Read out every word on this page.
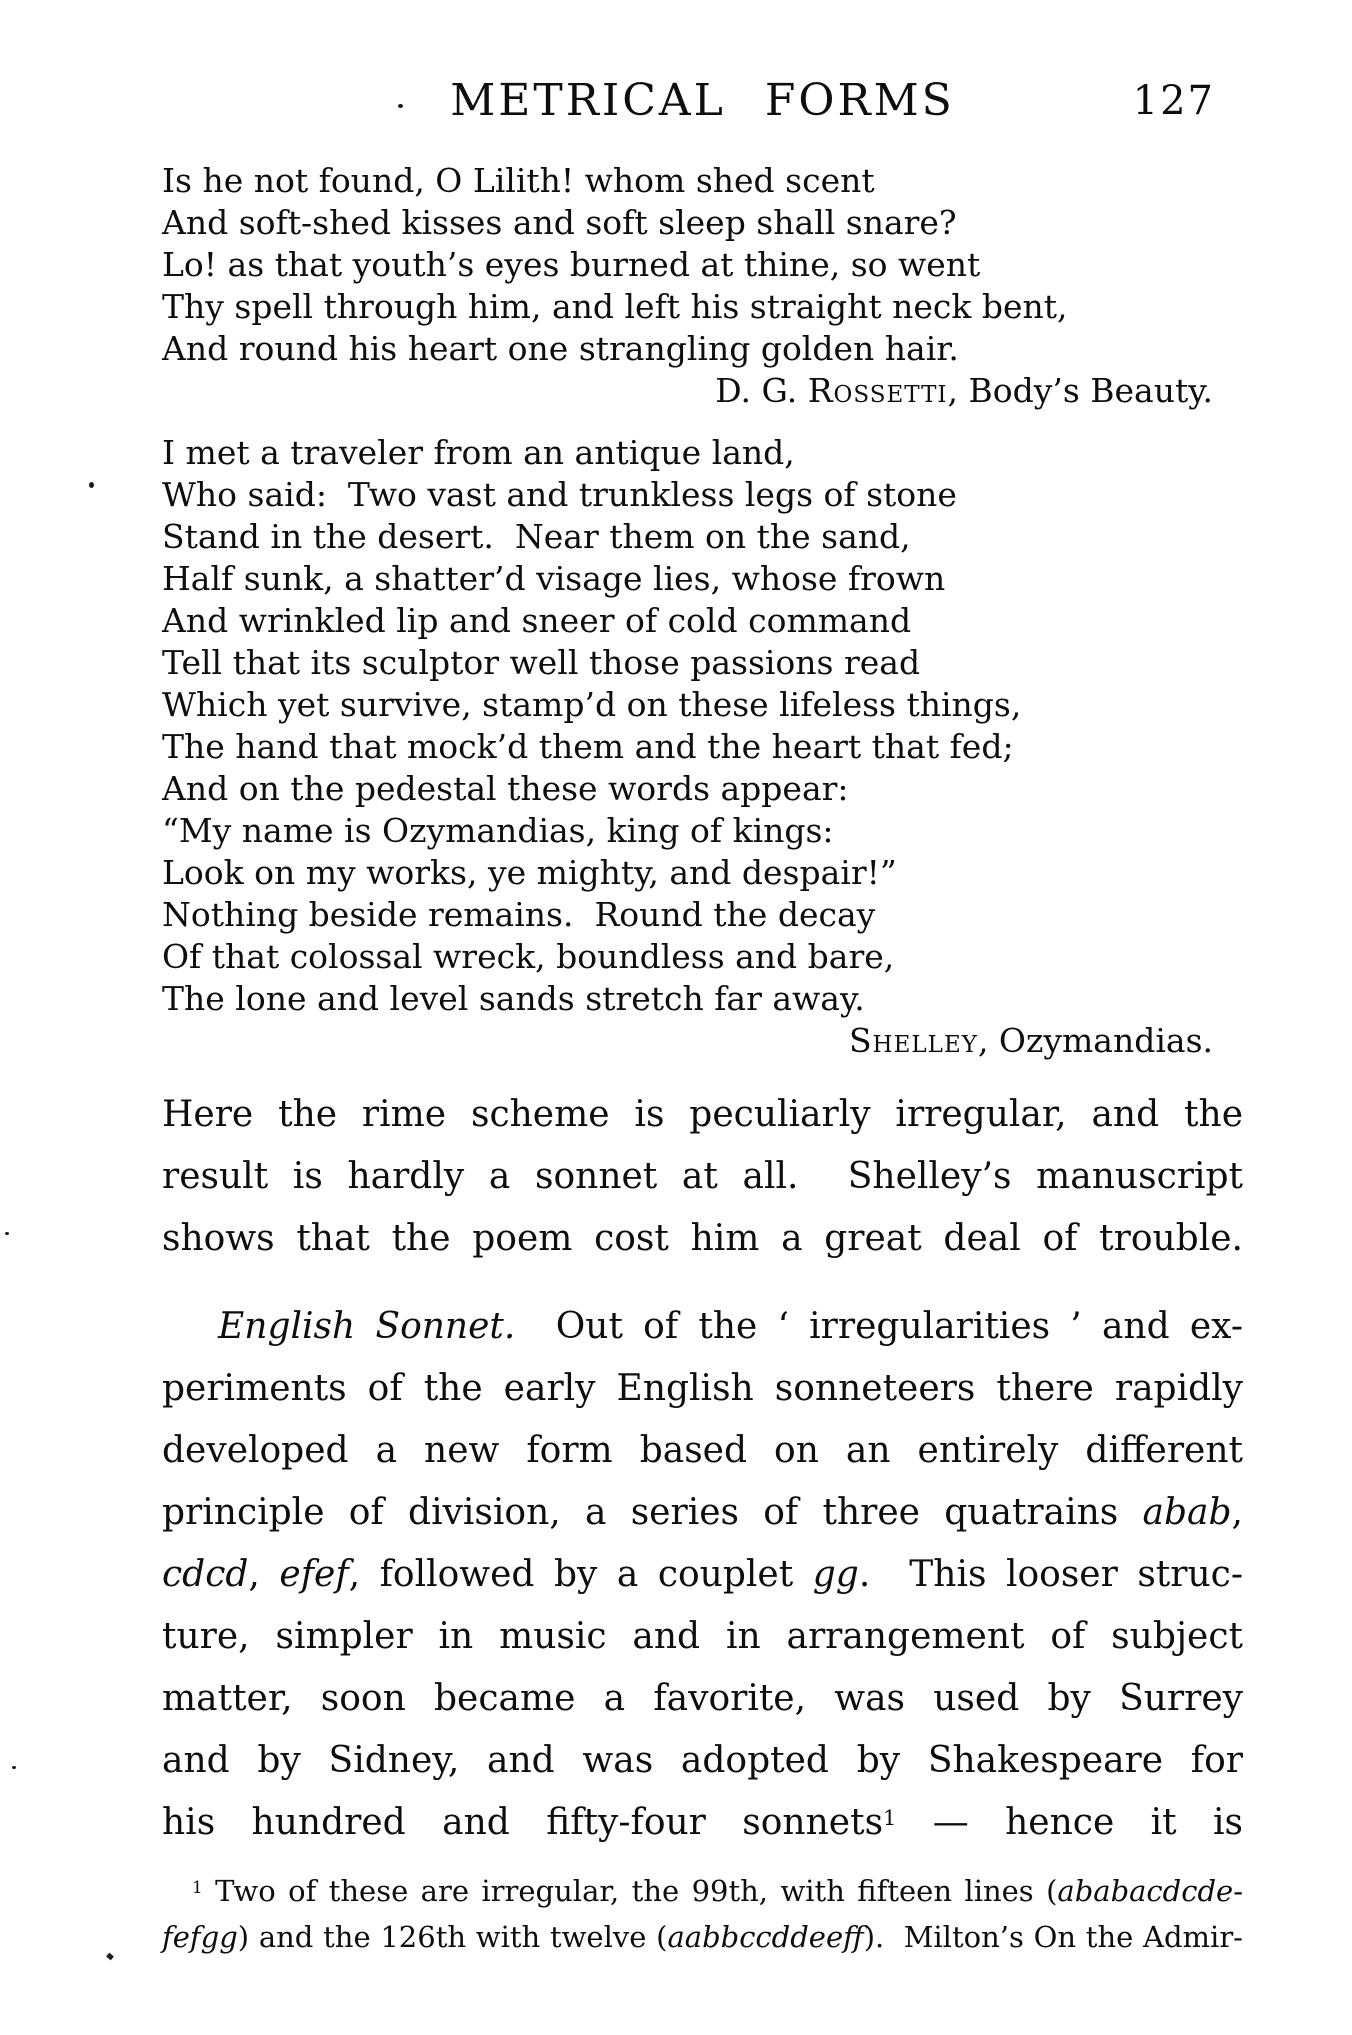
METRICAL FORMS	127
Is he not found, O Lilith! whom shed scent
And soft-shed kisses and soft sleep shall snare?
Lo! as that youth’s eyes burned at thine, so went
Thy spell through him, and left his straight neck bent,
And round his heart one strangling golden hair.
D. G. Rossetti, Body’s Beauty.
I met a traveler from an antique land,
Who said:  Two vast and trunkless legs of stone
Stand in the desert.  Near them on the sand,
Half sunk, a shatter’d visage lies, whose frown
And wrinkled lip and sneer of cold command
Tell that its sculptor well those passions read
Which yet survive, stamp’d on these lifeless things,
The hand that mock’d them and the heart that fed;
And on the pedestal these words appear:
“My name is Ozymandias, king of kings:
Look on my works, ye mighty, and despair!”
Nothing beside remains.  Round the decay
Of that colossal wreck, boundless and bare,
The lone and level sands stretch far away.
Shelley, Ozymandias.
Here the rime scheme is peculiarly irregular, and the
result is hardly a sonnet at all.  Shelley’s manuscript
shows that the poem cost him a great deal of trouble.
English Sonnet.  Out of the ‘ irregularities ’ and ex-
periments of the early English sonneteers there rapidly
developed a new form based on an entirely different
principle of division, a series of three quatrains abab,
cdcd, efef, followed by a couplet gg.  This looser struc-
ture, simpler in music and in arrangement of subject
matter, soon became a favorite, was used by Surrey
and by Sidney, and was adopted by Shakespeare for
his hundred and fifty-four sonnets$^1$ — hence it is
$^1$ Two of these are irregular, the 99th, with fifteen lines (ababacdcde-
fefgg) and the 126th with twelve (aabbccddeeff).  Milton’s On the Admir-
